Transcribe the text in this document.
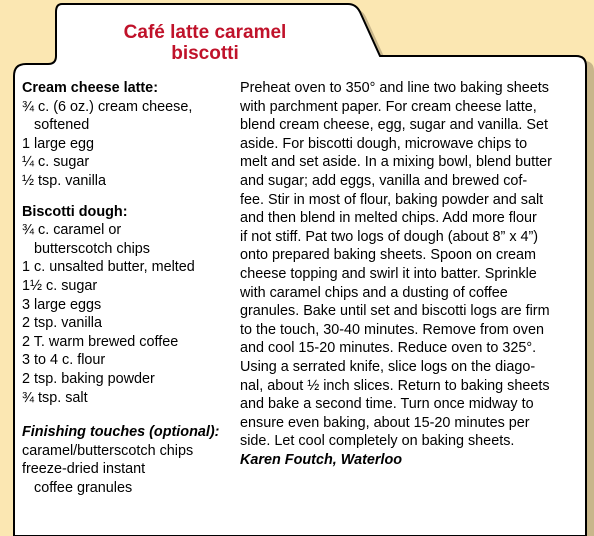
Café latte caramel
biscotti
Cream cheese latte:
¾ c. (6 oz.) cream cheese,
softened
1 large egg
¼ c. sugar
½ tsp. vanilla
Biscotti dough:
¾ c. caramel or
butterscotch chips
1 c. unsalted butter, melted
1½ c. sugar
3 large eggs
2 tsp. vanilla
2 T. warm brewed coffee
3 to 4 c. flour
2 tsp. baking powder
¾ tsp. salt
Finishing touches (optional):
caramel/butterscotch chips
freeze-dried instant
coffee granules
Preheat oven to 350° and line two baking sheets
with parchment paper. For cream cheese latte,
blend cream cheese, egg, sugar and vanilla. Set
aside. For biscotti dough, microwave chips to
melt and set aside. In a mixing bowl, blend butter
and sugar; add eggs, vanilla and brewed cof-
fee. Stir in most of flour, baking powder and salt
and then blend in melted chips. Add more flour
if not stiff. Pat two logs of dough (about 8” x 4”)
onto prepared baking sheets. Spoon on cream
cheese topping and swirl it into batter. Sprinkle
with caramel chips and a dusting of coffee
granules. Bake until set and biscotti logs are firm
to the touch, 30-40 minutes. Remove from oven
and cool 15-20 minutes. Reduce oven to 325°.
Using a serrated knife, slice logs on the diago-
nal, about ½ inch slices. Return to baking sheets
and bake a second time. Turn once midway to
ensure even baking, about 15-20 minutes per
side. Let cool completely on baking sheets.
Karen Foutch, Waterloo
